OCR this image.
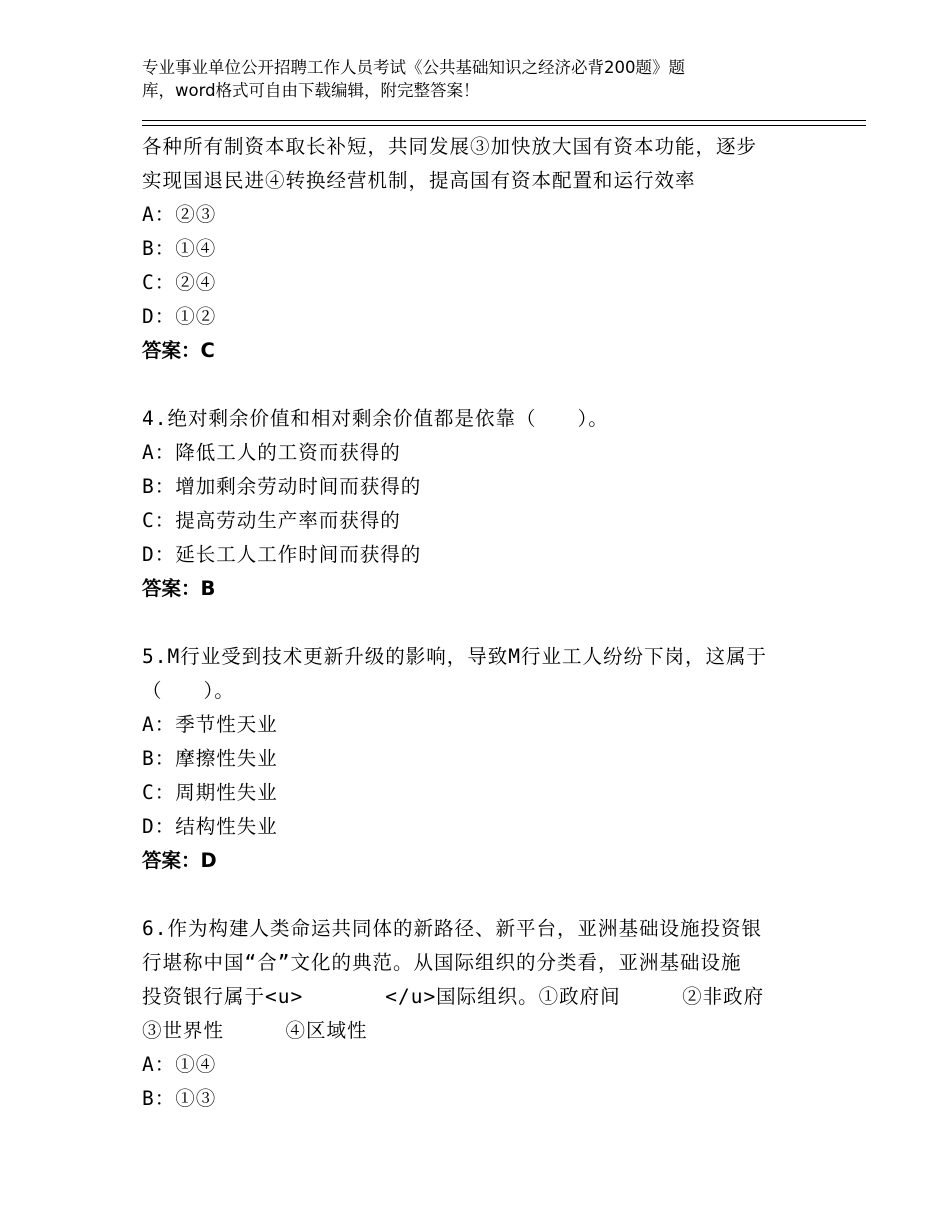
专业事业单位公开招聘工作人员考试《公共基础知识之经济必背200题》题
库，word格式可自由下载编辑，附完整答案！
各种所有制资本取长补短，共同发展③加快放大国有资本功能，逐步
实现国退民进④转换经营机制，提高国有资本配置和运行效率
A：②③
B：①④
C：②④
D：①②
答案：C
4.绝对剩余价值和相对剩余价值都是依靠（　　）。
A：降低工人的工资而获得的
B：增加剩余劳动时间而获得的
C：提高劳动生产率而获得的
D：延长工人工作时间而获得的
答案：B
5.M行业受到技术更新升级的影响，导致M行业工人纷纷下岗，这属于
（　　）。
A：季节性天业
B：摩擦性失业
C：周期性失业
D：结构性失业
答案：D
6.作为构建人类命运共同体的新路径、新平台，亚洲基础设施投资银
行堪称中国“合”文化的典范。从国际组织的分类看，亚洲基础设施
投资银行属于<u>　　　　</u>国际组织。①政府间　　　②非政府
③世界性　　　④区域性
A：①④
B：①③
